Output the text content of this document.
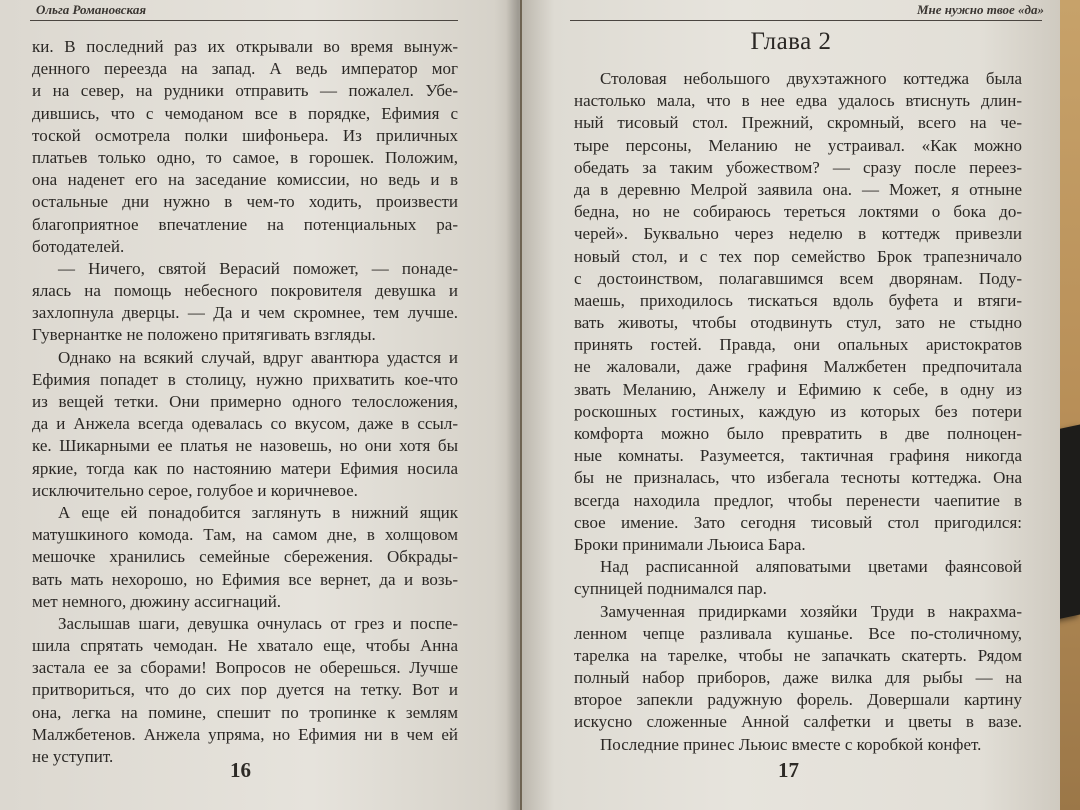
Ольга Романовская
ки. В последний раз их открывали во время вынуж-
денного переезда на запад. А ведь император мог
и на север, на рудники отправить — пожалел. Убе-
дившись, что с чемоданом все в порядке, Ефимия с
тоской осмотрела полки шифоньера. Из приличных
платьев только одно, то самое, в горошек. Положим,
она наденет его на заседание комиссии, но ведь и в
остальные дни нужно в чем-то ходить, произвести
благоприятное впечатление на потенциальных ра-
ботодателей.
— Ничего, святой Верасий поможет, — понаде-
ялась на помощь небесного покровителя девушка и
захлопнула дверцы. — Да и чем скромнее, тем лучше.
Гувернантке не положено притягивать взгляды.
Однако на всякий случай, вдруг авантюра удастся и
Ефимия попадет в столицу, нужно прихватить кое-что
из вещей тетки. Они примерно одного телосложения,
да и Анжела всегда одевалась со вкусом, даже в ссыл-
ке. Шикарными ее платья не назовешь, но они хотя бы
яркие, тогда как по настоянию матери Ефимия носила
исключительно серое, голубое и коричневое.
А еще ей понадобится заглянуть в нижний ящик
матушкиного комода. Там, на самом дне, в холщовом
мешочке хранились семейные сбережения. Обкрады-
вать мать нехорошо, но Ефимия все вернет, да и возь-
мет немного, дюжину ассигнаций.
Заслышав шаги, девушка очнулась от грез и поспе-
шила спрятать чемодан. Не хватало еще, чтобы Анна
застала ее за сборами! Вопросов не оберешься. Лучше
притвориться, что до сих пор дуется на тетку. Вот и
она, легка на помине, спешит по тропинке к землям
Малжбетенов. Анжела упряма, но Ефимия ни в чем ей
не уступит.
16
Мне нужно твое «да»
Глава 2
Столовая небольшого двухэтажного коттеджа была
настолько мала, что в нее едва удалось втиснуть длин-
ный тисовый стол. Прежний, скромный, всего на че-
тыре персоны, Меланию не устраивал. «Как можно
обедать за таким убожеством? — сразу после переез-
да в деревню Мелрой заявила она. — Может, я отныне
бедна, но не собираюсь тереться локтями о бока до-
черей». Буквально через неделю в коттедж привезли
новый стол, и с тех пор семейство Брок трапезничало
с достоинством, полагавшимся всем дворянам. Поду-
маешь, приходилось тискаться вдоль буфета и втяги-
вать животы, чтобы отодвинуть стул, зато не стыдно
принять гостей. Правда, они опальных аристократов
не жаловали, даже графиня Малжбетен предпочитала
звать Меланию, Анжелу и Ефимию к себе, в одну из
роскошных гостиных, каждую из которых без потери
комфорта можно было превратить в две полноцен-
ные комнаты. Разумеется, тактичная графиня никогда
бы не призналась, что избегала тесноты коттеджа. Она
всегда находила предлог, чтобы перенести чаепитие в
свое имение. Зато сегодня тисовый стол пригодился:
Броки принимали Льюиса Бара.
Над расписанной аляповатыми цветами фаянсовой
супницей поднимался пар.
Замученная придирками хозяйки Труди в накрахма-
ленном чепце разливала кушанье. Все по-столичному,
тарелка на тарелке, чтобы не запачкать скатерть. Рядом
полный набор приборов, даже вилка для рыбы — на
второе запекли радужную форель. Довершали картину
искусно сложенные Анной салфетки и цветы в вазе.
Последние принес Льюис вместе с коробкой конфет.
17
